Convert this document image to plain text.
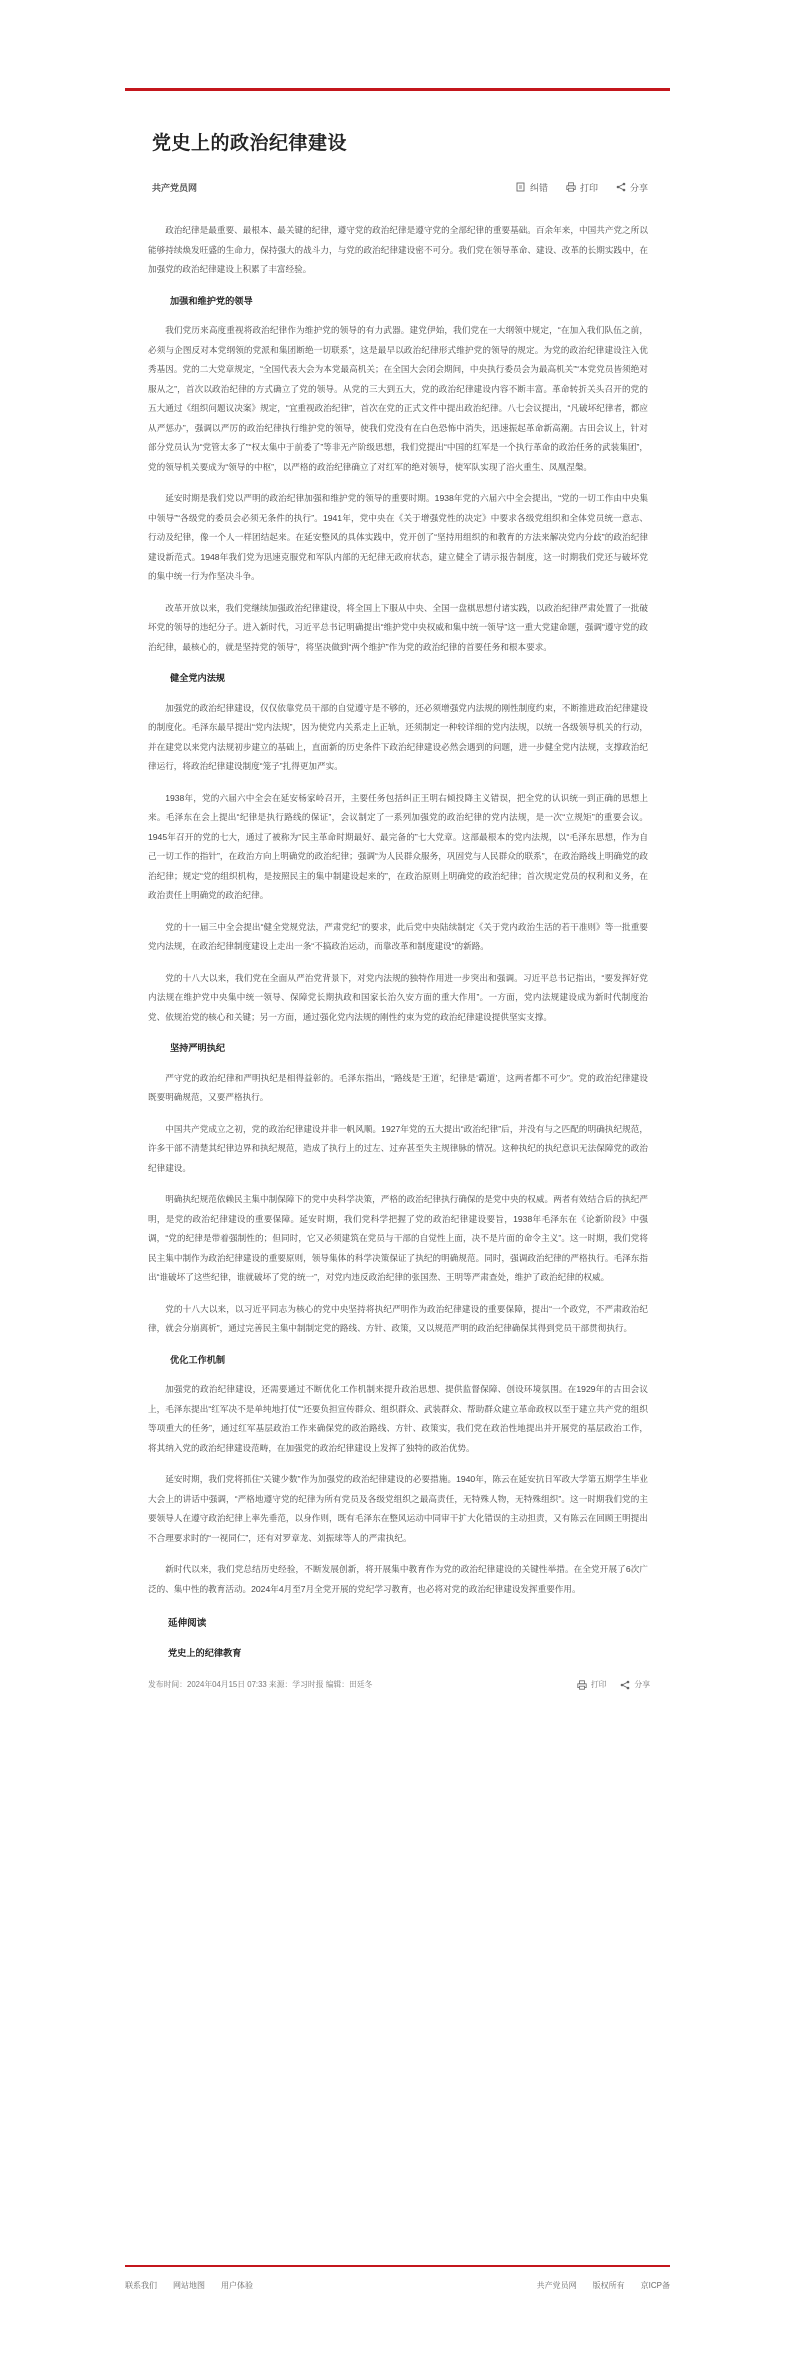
党史上的政治纪律建设
共产党员网	纠错	打印	分享

政治纪律是最重要、最根本、最关键的纪律，遵守党的政治纪律是遵守党的全部纪律的重要基础。百余年来，中国共产党之所以能够持续焕发旺盛的生命力，保持强大的战斗力，与党的政治纪律建设密不可分。我们党在领导革命、建设、改革的长期实践中，在加强党的政治纪律建设上积累了丰富经验。

加强和维护党的领导

我们党历来高度重视将政治纪律作为维护党的领导的有力武器。建党伊始，我们党在一大纲领中规定，“在加入我们队伍之前，必须与企图反对本党纲领的党派和集团断绝一切联系”，这是最早以政治纪律形式维护党的领导的规定。为党的政治纪律建设注入优秀基因。党的二大党章规定，“全国代表大会为本党最高机关；在全国大会闭会期间，中央执行委员会为最高机关”“本党党员皆须绝对服从之”，首次以政治纪律的方式确立了党的领导。从党的三大到五大，党的政治纪律建设内容不断丰富。革命转折关头召开的党的五大通过《组织问题议决案》规定，“宜重视政治纪律”，首次在党的正式文件中提出政治纪律。八七会议提出，“凡破坏纪律者，都应从严惩办”，强调以严厉的政治纪律执行维护党的领导，使我们党没有在白色恐怖中消失，迅速振起革命新高潮。古田会议上，针对部分党员认为“党管太多了”“权太集中于前委了”等非无产阶级思想，我们党提出“中国的红军是一个执行革命的政治任务的武装集团”，党的领导机关要成为“领导的中枢”，以严格的政治纪律确立了对红军的绝对领导，使军队实现了浴火重生、凤凰涅槃。

延安时期是我们党以严明的政治纪律加强和维护党的领导的重要时期。1938年党的六届六中全会提出，“党的一切工作由中央集中领导”“各级党的委员会必须无条件的执行”。1941年，党中央在《关于增强党性的决定》中要求各级党组织和全体党员统一意志、行动及纪律，像一个人一样团结起来。在延安整风的具体实践中，党开创了“坚持用组织的和教育的方法来解决党内分歧”的政治纪律建设新范式。1948年我们党为迅速克服党和军队内部的无纪律无政府状态，建立健全了请示报告制度，这一时期我们党还与破坏党的集中统一行为作坚决斗争。

改革开放以来，我们党继续加强政治纪律建设，将全国上下服从中央、全国一盘棋思想付诸实践，以政治纪律严肃处置了一批破坏党的领导的违纪分子。进入新时代，习近平总书记明确提出“维护党中央权威和集中统一领导”这一重大党建命题，强调“遵守党的政治纪律，最核心的，就是坚持党的领导”，将坚决做到“两个维护”作为党的政治纪律的首要任务和根本要求。

健全党内法规

加强党的政治纪律建设，仅仅依靠党员干部的自觉遵守是不够的，还必须增强党内法规的刚性制度约束，不断推进政治纪律建设的制度化。毛泽东最早提出“党内法规”，因为使党内关系走上正轨，还须制定一种较详细的党内法规，以统一各级领导机关的行动，并在建党以来党内法规初步建立的基础上，直面新的历史条件下政治纪律建设必然会遇到的问题，进一步健全党内法规，支撑政治纪律运行，将政治纪律建设制度“笼子”扎得更加严实。

1938年，党的六届六中全会在延安杨家岭召开，主要任务包括纠正王明右倾投降主义错误，把全党的认识统一到正确的思想上来。毛泽东在会上提出“纪律是执行路线的保证”，会议制定了一系列加强党的政治纪律的党内法规，是一次“立规矩”的重要会议。1945年召开的党的七大，通过了被称为“民主革命时期最好、最完备的”七大党章。这部最根本的党内法规，以“毛泽东思想，作为自己一切工作的指针”，在政治方向上明确党的政治纪律；强调“为人民群众服务，巩固党与人民群众的联系”，在政治路线上明确党的政治纪律；规定“党的组织机构，是按照民主的集中制建设起来的”，在政治原则上明确党的政治纪律；首次规定党员的权利和义务，在政治责任上明确党的政治纪律。

党的十一届三中全会提出“健全党规党法，严肃党纪”的要求，此后党中央陆续制定《关于党内政治生活的若干准则》等一批重要党内法规，在政治纪律制度建设上走出一条“不搞政治运动，而靠改革和制度建设”的新路。

党的十八大以来，我们党在全面从严治党背景下，对党内法规的独特作用进一步突出和强调。习近平总书记指出，“要发挥好党内法规在维护党中央集中统一领导、保障党长期执政和国家长治久安方面的重大作用”。一方面，党内法规建设成为新时代制度治党、依规治党的核心和关键；另一方面，通过强化党内法规的刚性约束为党的政治纪律建设提供坚实支撑。

坚持严明执纪

严守党的政治纪律和严明执纪是相得益彰的。毛泽东指出，“路线是‘王道’，纪律是‘霸道’，这两者都不可少”。党的政治纪律建设既要明确规范，又要严格执行。

中国共产党成立之初，党的政治纪律建设并非一帆风顺。1927年党的五大提出“政治纪律”后，并没有与之匹配的明确执纪规范，许多干部不清楚其纪律边界和执纪规范，造成了执行上的过左、过弃甚至失主规律脉的情况。这种执纪的执纪意识无法保障党的政治纪律建设。

明确执纪规范依赖民主集中制保障下的党中央科学决策，严格的政治纪律执行确保的是党中央的权威。两者有效结合后的执纪严明，是党的政治纪律建设的重要保障。延安时期，我们党科学把握了党的政治纪律建设要旨，1938年毛泽东在《论新阶段》中强调，“党的纪律是带着强制性的；但同时，它又必须建筑在党员与干部的自觉性上面，决不是片面的命令主义”。这一时期，我们党将民主集中制作为政治纪律建设的重要原则，领导集体的科学决策保证了执纪的明确规范。同时，强调政治纪律的严格执行。毛泽东指出“谁破坏了这些纪律，谁就破坏了党的统一”，对党内违反政治纪律的张国焘、王明等严肃查处，维护了政治纪律的权威。

党的十八大以来，以习近平同志为核心的党中央坚持将执纪严明作为政治纪律建设的重要保障，提出“一个政党，不严肃政治纪律，就会分崩离析”，通过完善民主集中制制定党的路线、方针、政策，又以规范严明的政治纪律确保其得到党员干部贯彻执行。

优化工作机制

加强党的政治纪律建设，还需要通过不断优化工作机制来提升政治思想、提供监督保障、创设环境氛围。在1929年的古田会议上，毛泽东提出“红军决不是单纯地打仗”“还要负担宣传群众、组织群众、武装群众、帮助群众建立革命政权以至于建立共产党的组织等项重大的任务”，通过红军基层政治工作来确保党的政治路线、方针、政策实，我们党在政治性地提出并开展党的基层政治工作，将其纳入党的政治纪律建设范畴，在加强党的政治纪律建设上发挥了独特的政治优势。

延安时期，我们党将抓住“关键少数”作为加强党的政治纪律建设的必要措施。1940年，陈云在延安抗日军政大学第五期学生毕业大会上的讲话中强调，“严格地遵守党的纪律为所有党员及各级党组织之最高责任，无特殊人物，无特殊组织”。这一时期我们党的主要领导人在遵守政治纪律上率先垂范，以身作则，既有毛泽东在整风运动中同审干扩大化错误的主动担责，又有陈云在回顾王明提出不合理要求时的“一视同仁”，还有对罗章龙、刘振球等人的严肃执纪。

新时代以来，我们党总结历史经验，不断发展创新，将开展集中教育作为党的政治纪律建设的关键性举措。在全党开展了6次广泛的、集中性的教育活动。2024年4月至7月全党开展的党纪学习教育，也必将对党的政治纪律建设发挥重要作用。

延伸阅读
党史上的纪律教育
发布时间：2024年04月15日 07:33 来源：学习时报 编辑：田廷冬	打印	分享
联系我们 网站地图 用户体验	共产党员网 版权所有 京ICP备
